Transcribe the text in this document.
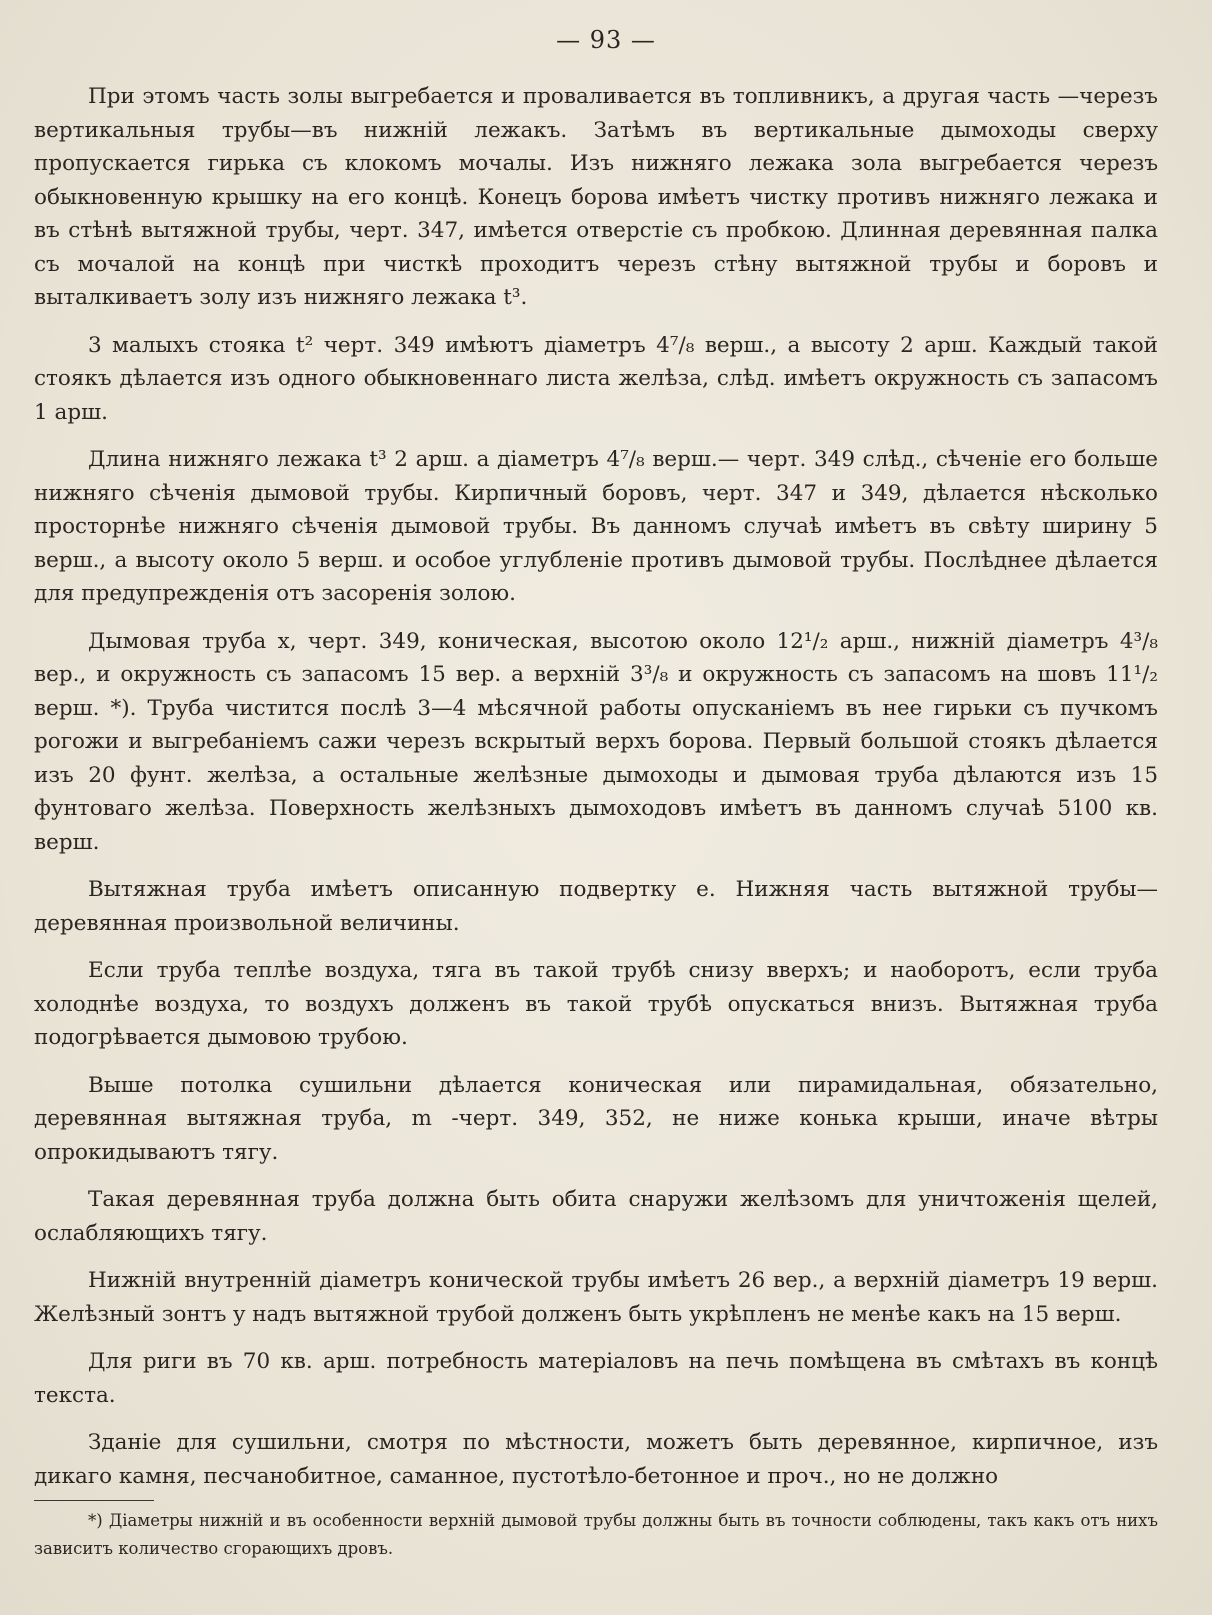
— 93 —

При этомъ часть золы выгребается и проваливается въ топливникъ, а другая часть —черезъ вертикальныя трубы—въ нижній лежакъ. Затѣмъ въ вертикальные дымоходы сверху пропускается гирька съ клокомъ мочалы. Изъ нижняго лежака зола выгребается черезъ обыкновенную крышку на его концѣ. Конецъ борова имѣетъ чистку противъ нижняго лежака и въ стѣнѣ вытяжной трубы, черт. 347, имѣется отверстіе съ пробкою. Длинная деревянная палка съ мочалой на концѣ при чисткѣ проходитъ черезъ стѣну вытяжной трубы и боровъ и выталкиваетъ золу изъ нижняго лежака t³.

3 малыхъ стояка t² черт. 349 имѣютъ діаметръ 4⁷/₈ верш., а высоту 2 арш. Каждый такой стоякъ дѣлается изъ одного обыкновеннаго листа желѣза, слѣд. имѣетъ окружность съ запасомъ 1 арш.

Длина нижняго лежака t³ 2 арш. а діаметръ 4⁷/₈ верш.— черт. 349 слѣд., сѣченіе его больше нижняго сѣченія дымовой трубы. Кирпичный боровъ, черт. 347 и 349, дѣлается нѣсколько просторнѣе нижняго сѣченія дымовой трубы. Въ данномъ случаѣ имѣетъ въ свѣту ширину 5 верш., а высоту около 5 верш. и особое углубленіе противъ дымовой трубы. Послѣднее дѣлается для предупрежденія отъ засоренія золою.

Дымовая труба x, черт. 349, коническая, высотою около 12¹/₂ арш., нижній діаметръ 4³/₈ вер., и окружность съ запасомъ 15 вер. а верхній 3³/₈ и окружность съ запасомъ на шовъ 11¹/₂ верш. *). Труба чистится послѣ 3—4 мѣсячной работы опусканіемъ въ нее гирьки съ пучкомъ рогожи и выгребаніемъ сажи черезъ вскрытый верхъ борова. Первый большой стоякъ дѣлается изъ 20 фунт. желѣза, а остальные желѣзные дымоходы и дымовая труба дѣлаются изъ 15 фунтоваго желѣза. Поверхность желѣзныхъ дымоходовъ имѣетъ въ данномъ случаѣ 5100 кв. верш.

Вытяжная труба имѣетъ описанную подвертку e. Нижняя часть вытяжной трубы—деревянная произвольной величины.

Если труба теплѣе воздуха, тяга въ такой трубѣ снизу вверхъ; и наоборотъ, если труба холоднѣе воздуха, то воздухъ долженъ въ такой трубѣ опускаться внизъ. Вытяжная труба подогрѣвается дымовою трубою.

Выше потолка сушильни дѣлается коническая или пирамидальная, обязательно, деревянная вытяжная труба, m -черт. 349, 352, не ниже конька крыши, иначе вѣтры опрокидываютъ тягу.

Такая деревянная труба должна быть обита снаружи желѣзомъ для уничтоженія щелей, ослабляющихъ тягу.

Нижній внутренній діаметръ конической трубы имѣетъ 26 вер., а верхній діаметръ 19 верш. Желѣзный зонтъ y надъ вытяжной трубой долженъ быть укрѣпленъ не менѣе какъ на 15 верш.

Для риги въ 70 кв. арш. потребность матеріаловъ на печь помѣщена въ смѣтахъ въ концѣ текста.

Зданіе для сушильни, смотря по мѣстности, можетъ быть деревянное, кирпичное, изъ дикаго камня, песчанобитное, саманное, пустотѣло-бетонное и проч., но не должно

*) Діаметры нижній и въ особенности верхній дымовой трубы должны быть въ точности соблюдены, такъ какъ отъ нихъ зависитъ количество сгорающихъ дровъ.
